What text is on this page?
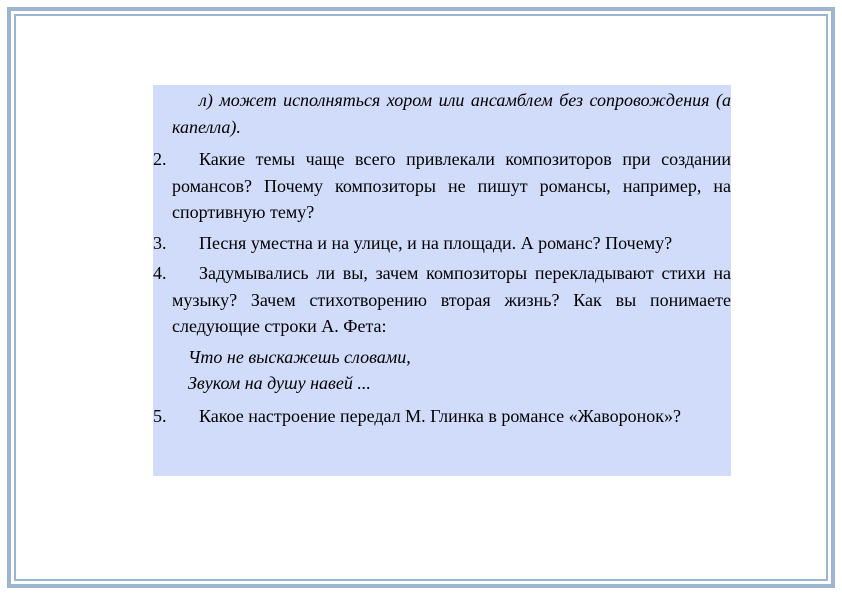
л) может исполняться хором или ансамблем без сопровождения (а капелла).

2.	Какие темы чаще всего привлекали композиторов при создании романсов? Почему композиторы не пишут романсы, например, на спортивную тему?
3.	Песня уместна и на улице, и на площади. А романс? Почему?
4.	Задумывались ли вы, зачем композиторы перекладывают стихи на музыку? Зачем стихотворению вторая жизнь? Как вы понимаете следующие строки А. Фета:
Что не выскажешь словами,
Звуком на душу навей ...
5.	Какое настроение передал М. Глинка в романсе «Жаворонок»?
